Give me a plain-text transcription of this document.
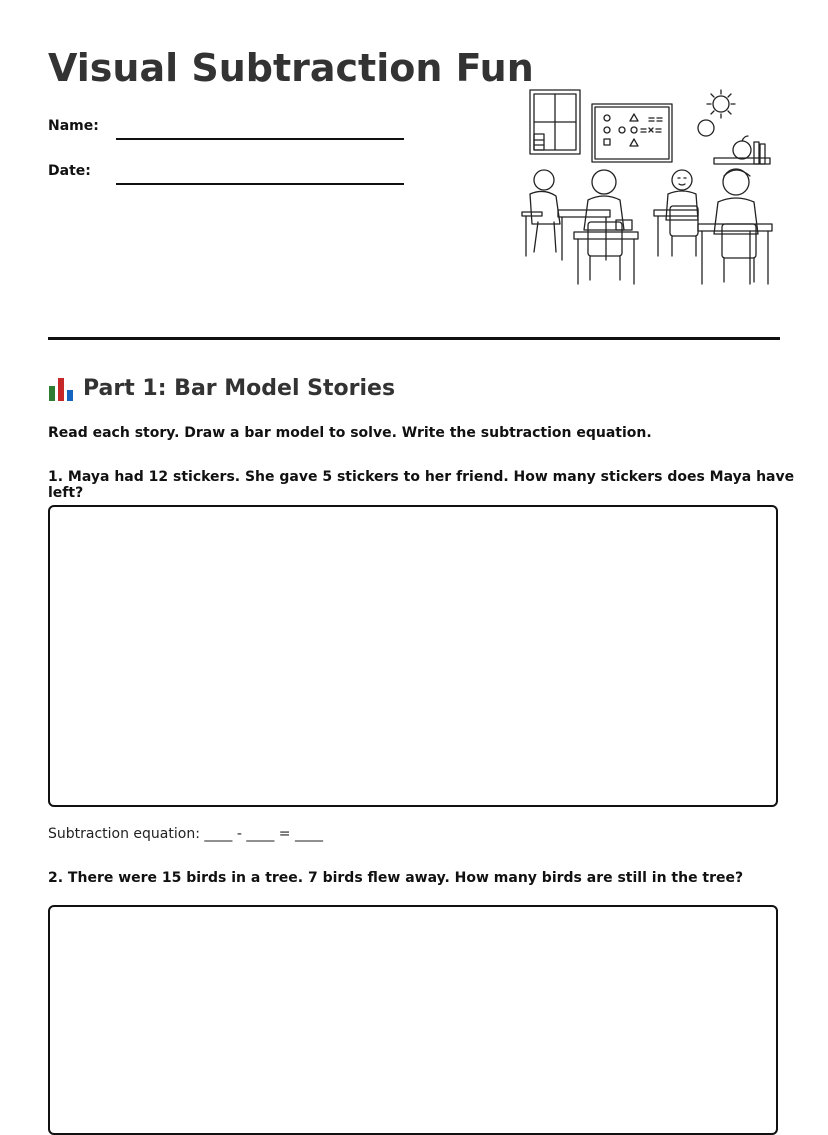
Visual Subtraction Fun
Name:
Date:
Part 1: Bar Model Stories
Read each story. Draw a bar model to solve. Write the subtraction equation.
1. Maya had 12 stickers. She gave 5 stickers to her friend. How many stickers does Maya have left?
Subtraction equation: ____ - ____ = ____
2. There were 15 birds in a tree. 7 birds flew away. How many birds are still in the tree?
